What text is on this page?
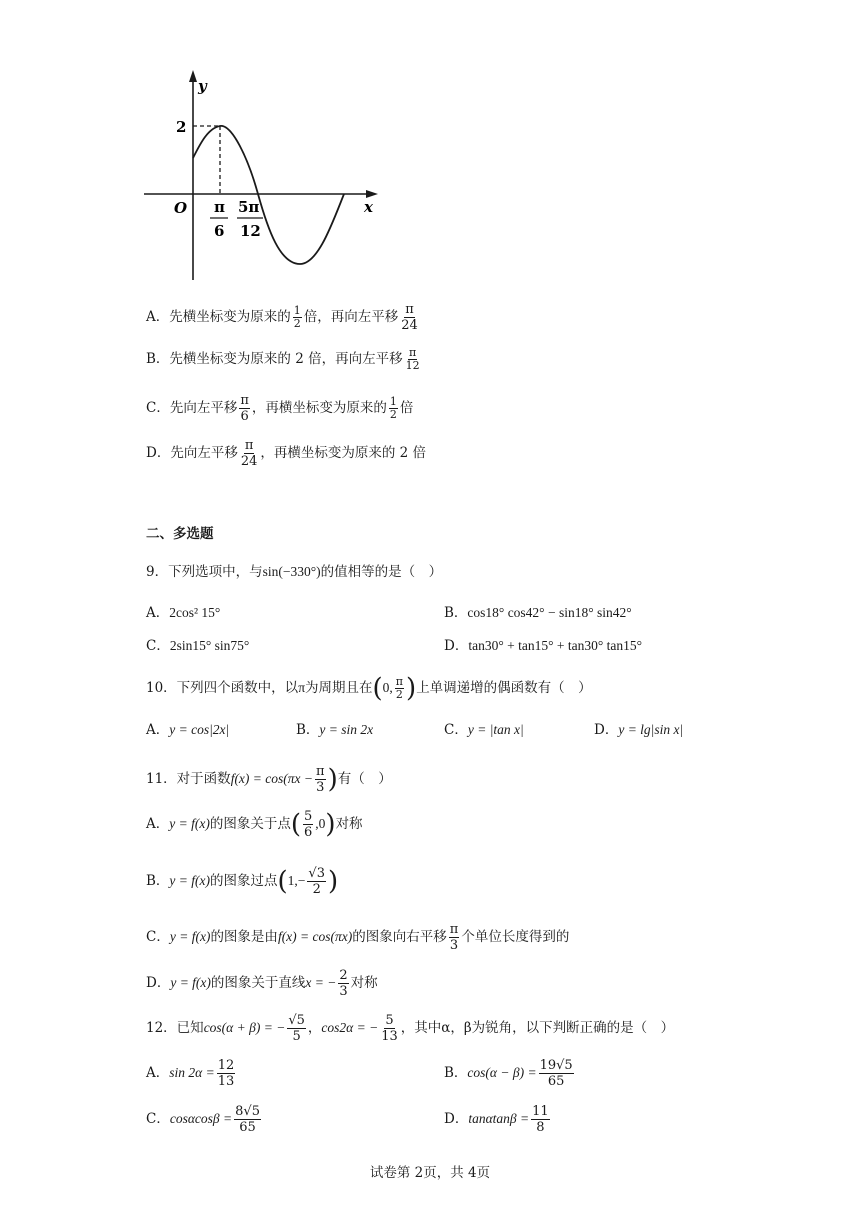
y
x
O
2
π
6
5π
12
A．先横坐标变为原来的 $\frac{1}{2}$ 倍，再向左平移 $\frac{\pi}{24}$
B．先横坐标变为原来的 2 倍，再向左平移 $\frac{\pi}{12}$
C．先向左平移 $\frac{\pi}{6}$ ，再横坐标变为原来的 $\frac{1}{2}$ 倍
D．先向左平移 $\frac{\pi}{24}$ ，再横坐标变为原来的 2 倍
二、多选题
9．下列选项中，与sin(−330°)的值相等的是（　）
A．2cos² 15°	B．cos18° cos42° − sin18° sin42°
C．2sin15° sin75°	D．tan30° + tan15° + tan30° tan15°
10．下列四个函数中，以π为周期且在(0, $\frac{\pi}{2}$ )上单调递增的偶函数有（　）
A．y = cos|2x|	B．y = sin 2x	C．y = |tan x|	D．y = lg|sin x|
11．对于函数$f(x) = \cos(\pi x - \frac{\pi}{3}$ )有（　）
A．y = f(x)的图象关于点( $\frac{5}{6} ,0$)对称
B．y = f(x)的图象过点($1,- \frac{√3}{2}$ )
C．y = f(x)的图象是由f(x) = cos(πx)的图象向右平移 $\frac{\pi}{3}$ 个单位长度得到的
D．y = f(x)的图象关于直线x = − $\frac{2}{3}$ 对称
12．已知cos(α + β) = − $\frac{√5}{5}$ ，cos2α = − $\frac{5}{13}$ ，其中α，β为锐角，以下判断正确的是（　）
A．$\sin 2\alpha = \frac{12}{13}$	B．$\cos(\alpha - \beta) = \frac{19√5}{65}$
C．$\cos\alpha\cos\beta = \frac{8√5}{65}$	D．$\tan\alpha\tan\beta = \frac{11}{8}$
试卷第 2页，共 4页
